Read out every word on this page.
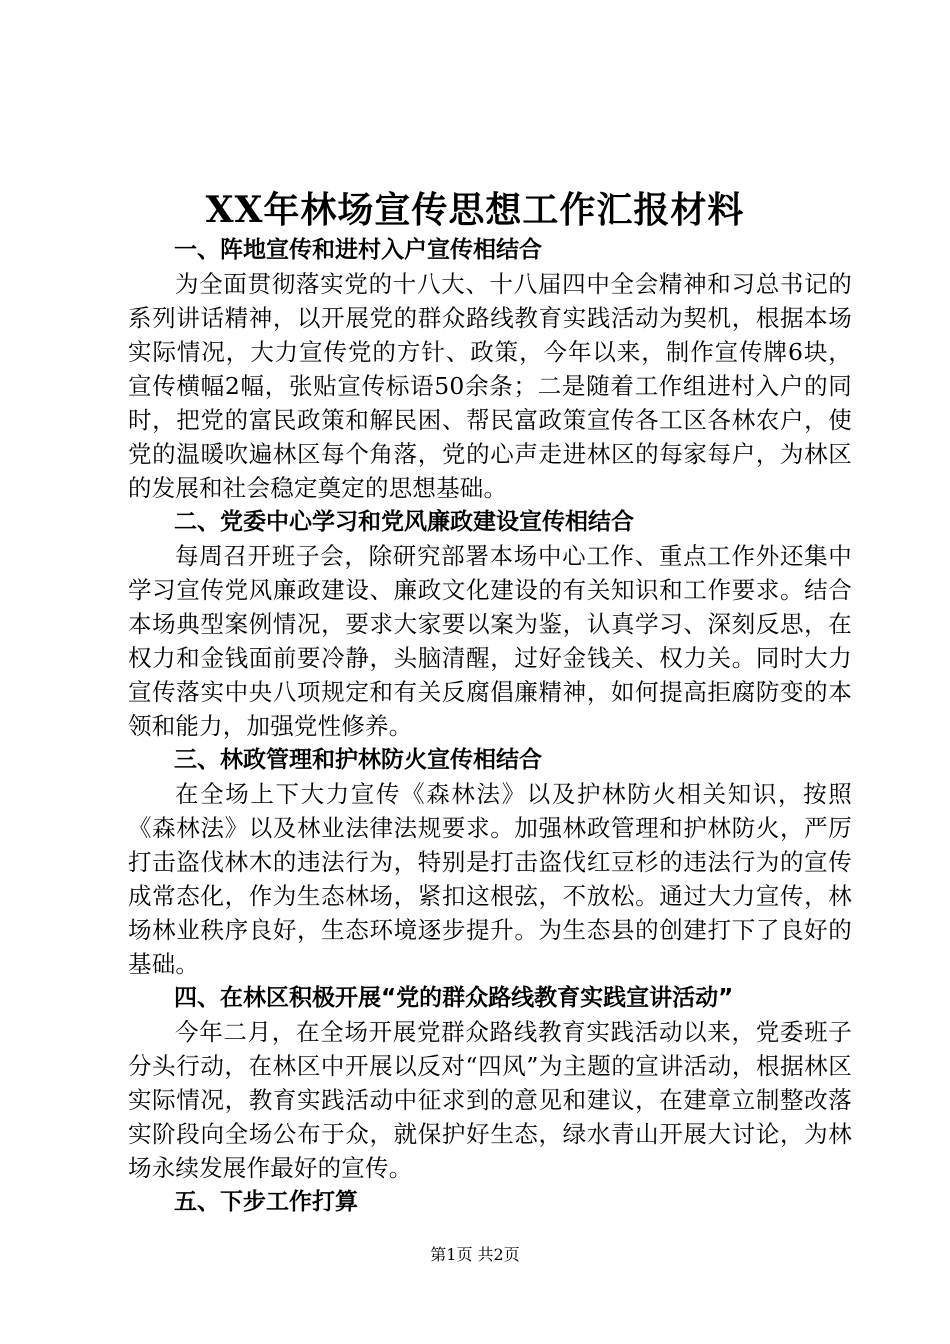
XX年林场宣传思想工作汇报材料

一、阵地宣传和进村入户宣传相结合

为全面贯彻落实党的十八大、十八届四中全会精神和习总书记的系列讲话精神，以开展党的群众路线教育实践活动为契机，根据本场实际情况，大力宣传党的方针、政策，今年以来，制作宣传牌6块，宣传横幅2幅，张贴宣传标语50余条；二是随着工作组进村入户的同时，把党的富民政策和解民困、帮民富政策宣传各工区各林农户，使党的温暖吹遍林区每个角落，党的心声走进林区的每家每户，为林区的发展和社会稳定奠定的思想基础。

二、党委中心学习和党风廉政建设宣传相结合

每周召开班子会，除研究部署本场中心工作、重点工作外还集中学习宣传党风廉政建设、廉政文化建设的有关知识和工作要求。结合本场典型案例情况，要求大家要以案为鉴，认真学习、深刻反思，在权力和金钱面前要冷静，头脑清醒，过好金钱关、权力关。同时大力宣传落实中央八项规定和有关反腐倡廉精神，如何提高拒腐防变的本领和能力，加强党性修养。

三、林政管理和护林防火宣传相结合

在全场上下大力宣传《森林法》以及护林防火相关知识，按照《森林法》以及林业法律法规要求。加强林政管理和护林防火，严厉打击盗伐林木的违法行为，特别是打击盗伐红豆杉的违法行为的宣传成常态化，作为生态林场，紧扣这根弦，不放松。通过大力宣传，林场林业秩序良好，生态环境逐步提升。为生态县的创建打下了良好的基础。

四、在林区积极开展“党的群众路线教育实践宣讲活动”

今年二月，在全场开展党群众路线教育实践活动以来，党委班子分头行动，在林区中开展以反对“四风”为主题的宣讲活动，根据林区实际情况，教育实践活动中征求到的意见和建议，在建章立制整改落实阶段向全场公布于众，就保护好生态，绿水青山开展大讨论，为林场永续发展作最好的宣传。

五、下步工作打算

第1页 共2页
